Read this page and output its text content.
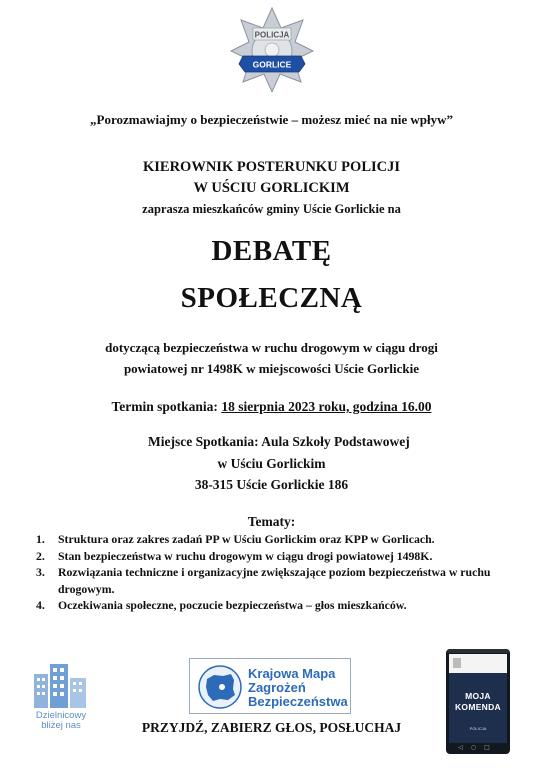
POLICJA
GORLICE
„Porozmawiajmy o bezpieczeństwie – możesz mieć na nie wpływ”
KIEROWNIK POSTERUNKU POLICJI
W UŚCIU GORLICKIM
zaprasza mieszkańców gminy Uście Gorlickie na
DEBATĘ
SPOŁECZNĄ
dotyczącą bezpieczeństwa w ruchu drogowym w ciągu drogi
powiatowej nr 1498K w miejscowości Uście Gorlickie
Termin spotkania: 18 sierpnia 2023 roku, godzina 16.00
Miejsce Spotkania: Aula Szkoły Podstawowej
w Uściu Gorlickim
38-315 Uście Gorlickie 186
Tematy:
1.	Struktura oraz zakres zadań PP w Uściu Gorlickim oraz KPP w Gorlicach.
2.	Stan bezpieczeństwa w ruchu drogowym w ciągu drogi powiatowej 1498K.
3.	Rozwiązania techniczne i organizacyjne zwiększające poziom bezpieczeństwa w ruchu drogowym.
4.	Oczekiwania społeczne, poczucie bezpieczeństwa – głos mieszkańców.
Dzielnicowy
bliżej nas
Krajowa Mapa
Zagrożeń
Bezpieczeństwa	MOJA
KOMENDA
POLICJA
◁○□
PRZYJDŹ, ZABIERZ GŁOS, POSŁUCHAJ
